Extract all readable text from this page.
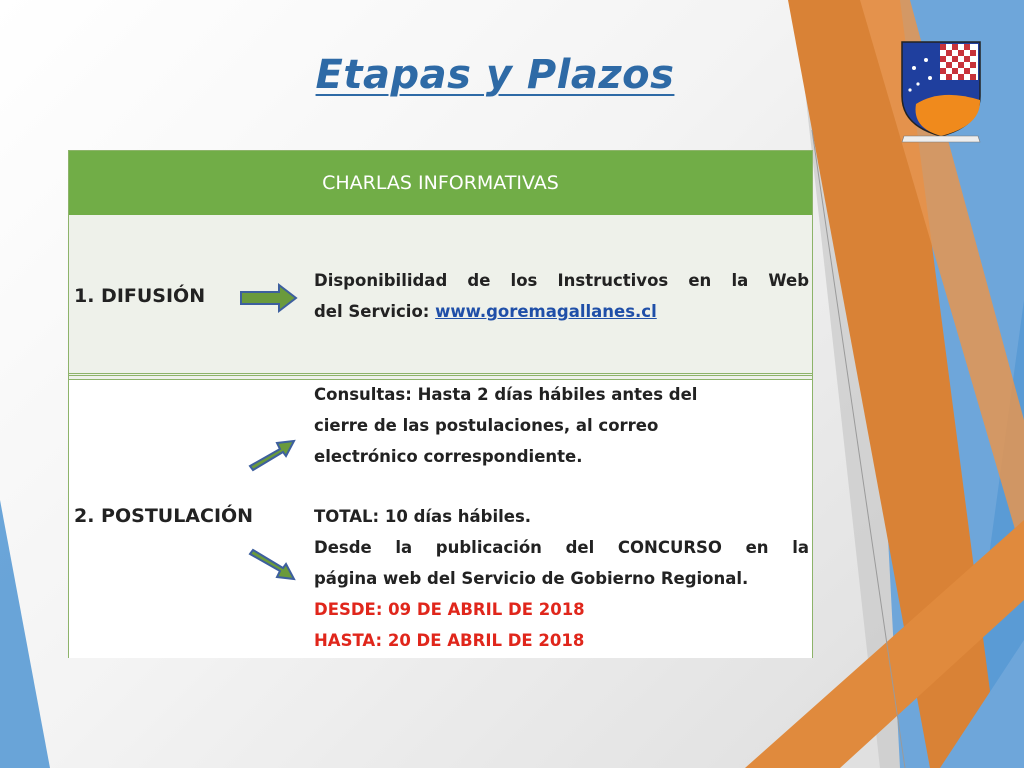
Etapas y Plazos
CHARLAS INFORMATIVAS
1. DIFUSIÓN
Disponibilidad de los Instructivos en la Web
del Servicio: www.goremagallanes.cl
2. POSTULACIÓN
Consultas: Hasta 2 días hábiles antes del
cierre de las postulaciones, al correo
electrónico correspondiente.
TOTAL: 10 días hábiles.
Desde la publicación del CONCURSO en la
página web del Servicio de Gobierno Regional.
DESDE: 09 DE ABRIL DE 2018
HASTA: 20 DE ABRIL DE 2018
